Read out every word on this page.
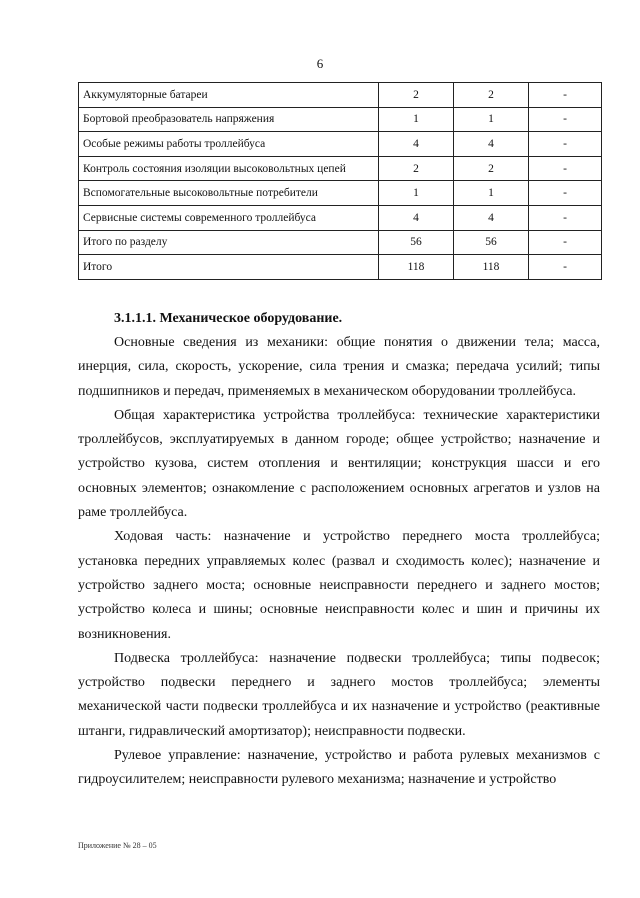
6
Аккумуляторные батареи	2	2	-
Бортовой преобразователь напряжения	1	1	-
Особые режимы работы троллейбуса	4	4	-
Контроль состояния изоляции высоковольтных цепей	2	2	-
Вспомогательные высоковольтные потребители	1	1	-
Сервисные системы современного троллейбуса	4	4	-
Итого по разделу	56	56	-
Итого	118	118	-
3.1.1.1. Механическое оборудование.

Основные сведения из механики: общие понятия о движении тела; масса, инерция, сила, скорость, ускорение, сила трения и смазка; передача усилий; типы подшипников и передач, применяемых в механическом оборудовании троллейбуса.

Общая характеристика устройства троллейбуса: технические характеристики троллейбусов, эксплуатируемых в данном городе; общее устройство; назначение и устройство кузова, систем отопления и вентиляции; конструкция шасси и его основных элементов; ознакомление с расположением основных агрегатов и узлов на раме троллейбуса.

Ходовая часть: назначение и устройство переднего моста троллейбуса; установка передних управляемых колес (развал и сходимость колес); назначение и устройство заднего моста; основные неисправности переднего и заднего мостов; устройство колеса и шины; основные неисправности колес и шин и причины их возникновения.

Подвеска троллейбуса: назначение подвески троллейбуса; типы подвесок; устройство подвески переднего и заднего мостов троллейбуса; элементы механической части подвески троллейбуса и их назначение и устройство (реактивные штанги, гидравлический амортизатор); неисправности подвески.

Рулевое управление: назначение, устройство и работа рулевых механизмов с гидроусилителем; неисправности рулевого механизма; назначение и устройство

Приложение № 28 – 05
